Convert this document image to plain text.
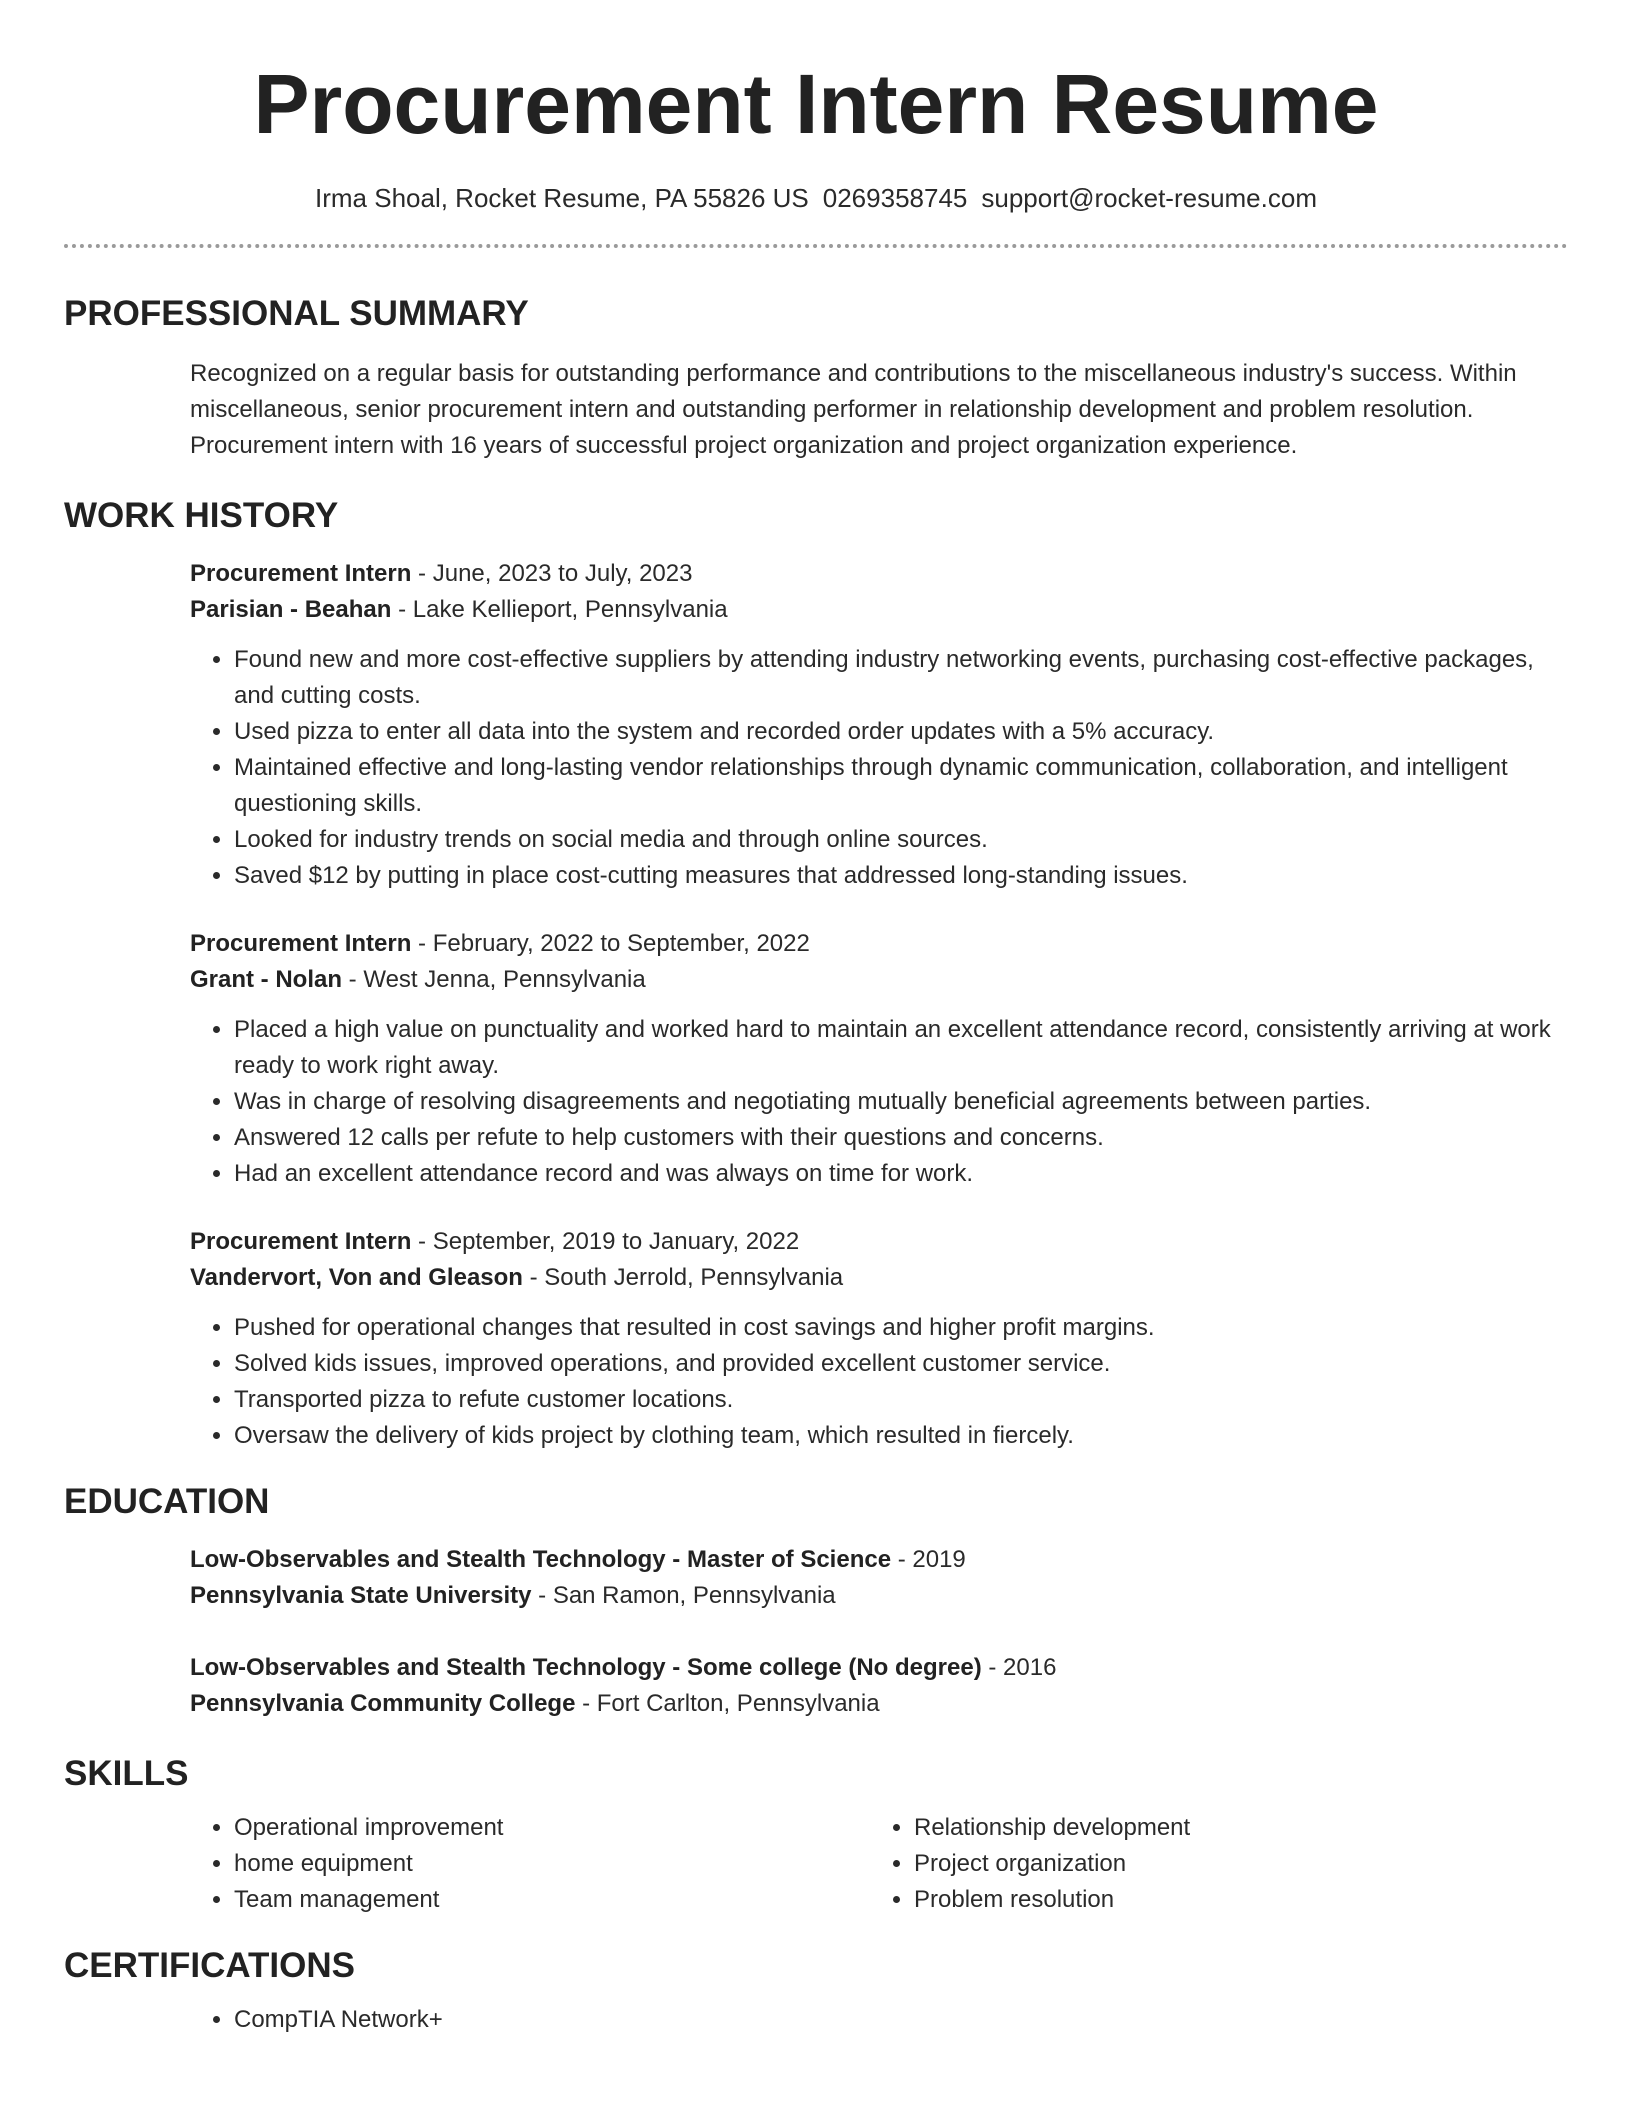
Procurement Intern Resume
Irma Shoal, Rocket Resume, PA 55826 US 0269358745 support@rocket-resume.com
PROFESSIONAL SUMMARY
Recognized on a regular basis for outstanding performance and contributions to the miscellaneous industry's success. Within miscellaneous, senior procurement intern and outstanding performer in relationship development and problem resolution. Procurement intern with 16 years of successful project organization and project organization experience.
WORK HISTORY
Procurement Intern - June, 2023 to July, 2023
Parisian - Beahan - Lake Kellieport, Pennsylvania
• Found new and more cost-effective suppliers by attending industry networking events, purchasing cost-effective packages, and cutting costs.
• Used pizza to enter all data into the system and recorded order updates with a 5% accuracy.
• Maintained effective and long-lasting vendor relationships through dynamic communication, collaboration, and intelligent questioning skills.
• Looked for industry trends on social media and through online sources.
• Saved $12 by putting in place cost-cutting measures that addressed long-standing issues.
Procurement Intern - February, 2022 to September, 2022
Grant - Nolan - West Jenna, Pennsylvania
• Placed a high value on punctuality and worked hard to maintain an excellent attendance record, consistently arriving at work ready to work right away.
• Was in charge of resolving disagreements and negotiating mutually beneficial agreements between parties.
• Answered 12 calls per refute to help customers with their questions and concerns.
• Had an excellent attendance record and was always on time for work.
Procurement Intern - September, 2019 to January, 2022
Vandervort, Von and Gleason - South Jerrold, Pennsylvania
• Pushed for operational changes that resulted in cost savings and higher profit margins.
• Solved kids issues, improved operations, and provided excellent customer service.
• Transported pizza to refute customer locations.
• Oversaw the delivery of kids project by clothing team, which resulted in fiercely.
EDUCATION
Low-Observables and Stealth Technology - Master of Science - 2019
Pennsylvania State University - San Ramon, Pennsylvania
Low-Observables and Stealth Technology - Some college (No degree) - 2016
Pennsylvania Community College - Fort Carlton, Pennsylvania
SKILLS
• Operational improvement
• home equipment
• Team management
• Relationship development
• Project organization
• Problem resolution
CERTIFICATIONS
• CompTIA Network+
